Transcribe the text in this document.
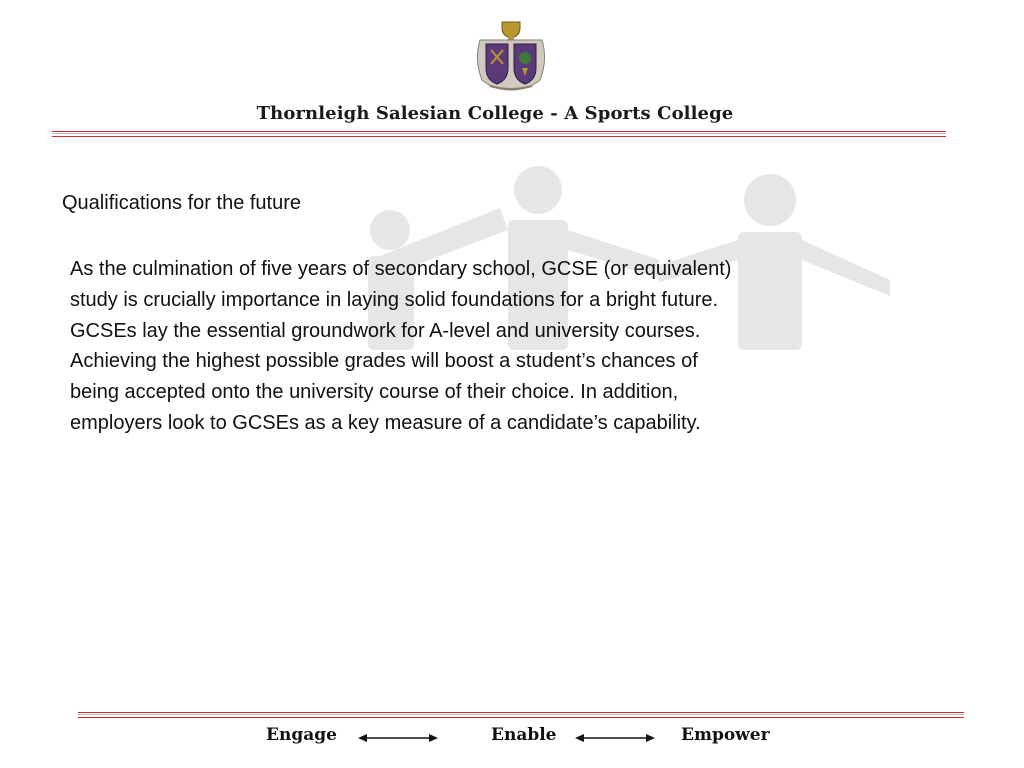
Thornleigh Salesian College - A Sports College
Qualifications for the future
As the culmination of five years of secondary school, GCSE (or equivalent)
study is crucially importance in laying solid foundations for a bright future.
GCSEs lay the essential groundwork for A-level and university courses.
Achieving the highest possible grades will boost a student’s chances of
being accepted onto the university course of their choice. In addition,
employers look to GCSEs as a key measure of a candidate’s capability.
Engage	Enable	Empower
